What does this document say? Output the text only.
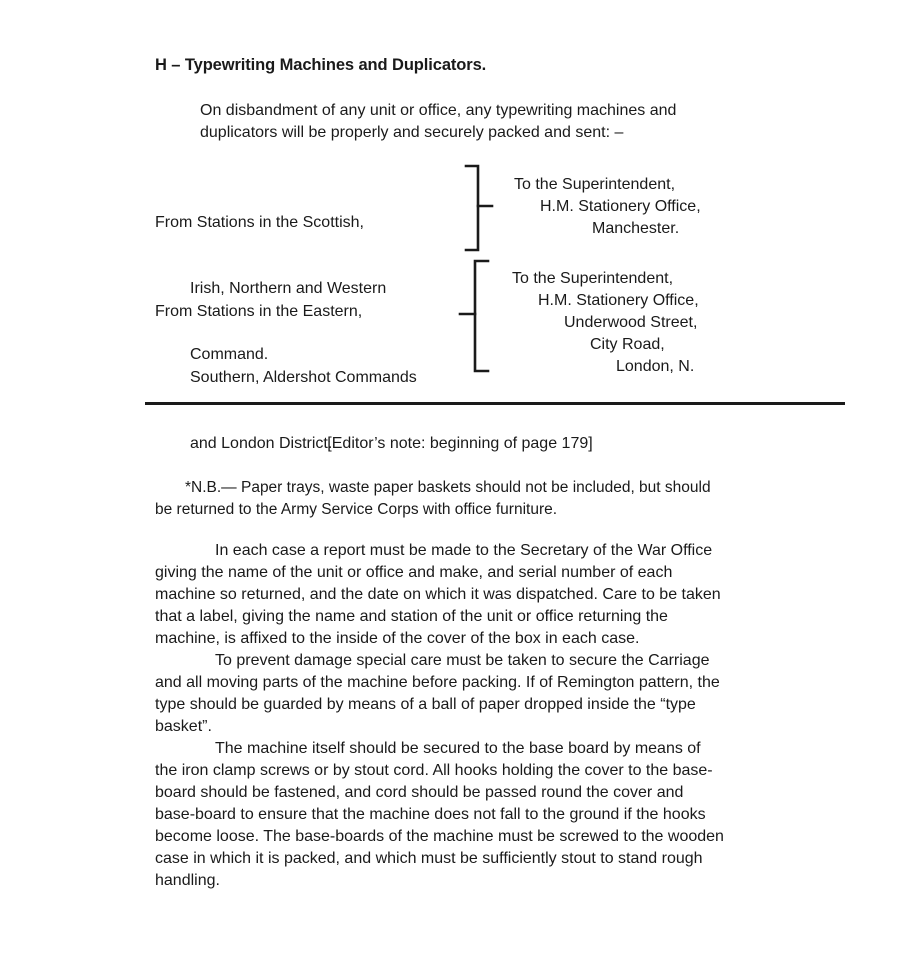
H – Typewriting Machines and Duplicators.
On disbandment of any unit or office, any typewriting machines and duplicators will be properly and securely packed and sent: –

From Stations in the Scottish,

Irish, Northern and Western

Command.

To the Superintendent,
H.M. Stationery Office,
Manchester.

From Stations in the Eastern,

Southern, Aldershot Commands

and London District.

To the Superintendent,
H.M. Stationery Office,
Underwood Street,
City Road,
London, N.
[Editor’s note: beginning of page 179]
*N.B.— Paper trays, waste paper baskets should not be included, but should be returned to the Army Service Corps with office furniture.

In each case a report must be made to the Secretary of the War Office giving the name of the unit or office and make, and serial number of each machine so returned, and the date on which it was dispatched. Care to be taken that a label, giving the name and station of the unit or office returning the machine, is affixed to the inside of the cover of the box in each case.

To prevent damage special care must be taken to secure the Carriage and all moving parts of the machine before packing. If of Remington pattern, the type should be guarded by means of a ball of paper dropped inside the “type basket”.

The machine itself should be secured to the base board by means of the iron clamp screws or by stout cord. All hooks holding the cover to the base-board should be fastened, and cord should be passed round the cover and base-board to ensure that the machine does not fall to the ground if the hooks become loose. The base-boards of the machine must be screwed to the wooden case in which it is packed, and which must be sufficiently stout to stand rough handling.
